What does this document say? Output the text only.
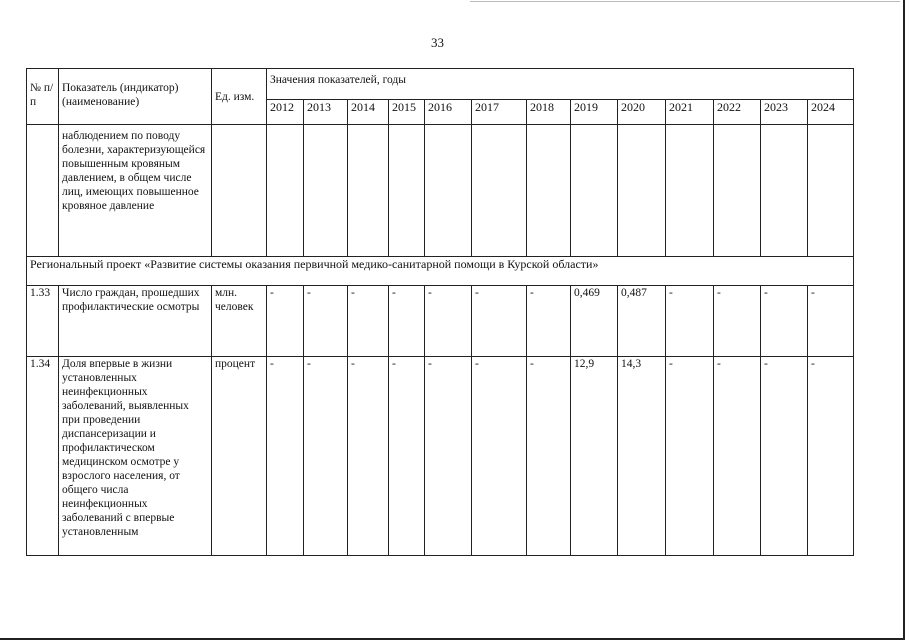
33
№ п/п	Показатель (индикатор) (наименование)	Ед. изм.	Значения показателей, годы												
			2012	2013	2014	2015	2016	2017	2018	2019	2020	2021	2022	2023	2024
	наблюдением по поводу болезни, характеризующейся повышенным кровяным давлением, в общем числе лиц, имеющих повышенное кровяное давление														
Региональный проект «Развитие системы оказания первичной медико-санитарной помощи в Курской области»															
1.33	Число граждан, прошедших профилактические осмотры	млн. человек	-	-	-	-	-	-	-	0,469	0,487	-	-	-	-
1.34	Доля впервые в жизни установленных неинфекционных заболеваний, выявленных при проведении диспансеризации и профилактическом медицинском осмотре у взрослого населения, от общего числа неинфекционных заболеваний с впервые установленным	процент	-	-	-	-	-	-	-	12,9	14,3	-	-	-	-
